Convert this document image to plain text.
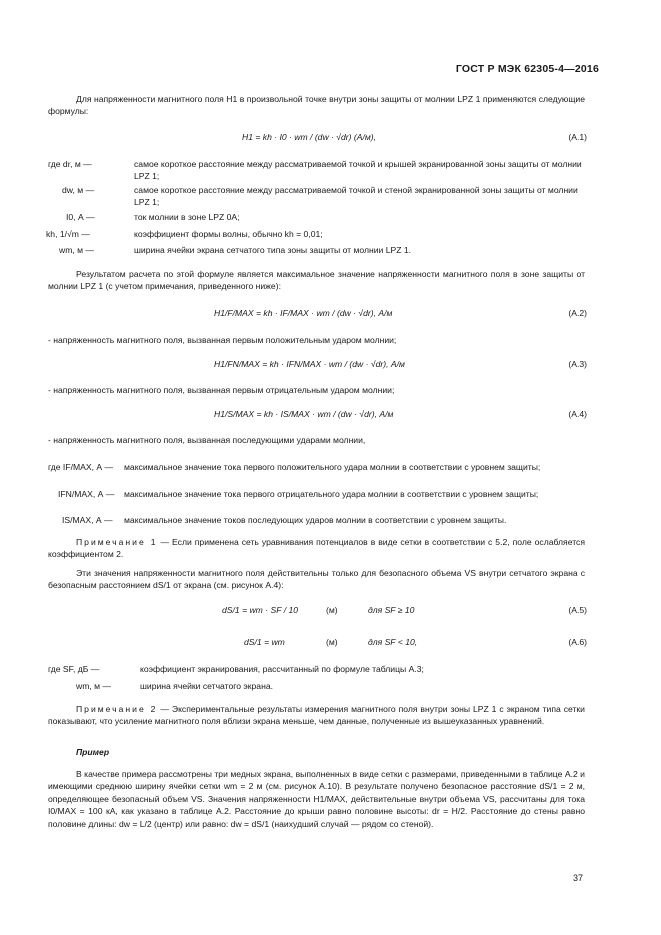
ГОСТ Р МЭК 62305-4—2016
Для напряженности магнитного поля H1 в произвольной точке внутри зоны защиты от молнии LPZ 1 применяются следующие формулы:
H1 = kh · I0 · wm / (dw · √dr) (А/м),	(А.1)
где dr, м —	самое короткое расстояние между рассматриваемой точкой и крышей экранированной зоны защиты от молнии LPZ 1;
dw, м —	самое короткое расстояние между рассматриваемой точкой и стеной экранированной зоны защиты от молнии LPZ 1;
I0, А —	ток молнии в зоне LPZ 0A;
kh, 1/√m —	коэффициент формы волны, обычно kh = 0,01;
wm, м —	ширина ячейки экрана сетчатого типа зоны защиты от молнии LPZ 1.
Результатом расчета по этой формуле является максимальное значение напряженности магнитного поля в зоне защиты от молнии LPZ 1 (с учетом примечания, приведенного ниже):
H1/F/MAX = kh · IF/MAX · wm / (dw · √dr), А/м	(А.2)
- напряженность магнитного поля, вызванная первым положительным ударом молнии;
H1/FN/MAX = kh · IFN/MAX · wm / (dw · √dr), А/м	(А.3)
- напряженность магнитного поля, вызванная первым отрицательным ударом молнии;
H1/S/MAX = kh · IS/MAX · wm / (dw · √dr), А/м	(А.4)
- напряженность магнитного поля, вызванная последующими ударами молнии,
где IF/MAX, А — максимальное значение тока первого положительного удара молнии в соответствии с уровнем защиты;
IFN/MAX, А — максимальное значение тока первого отрицательного удара молнии в соответствии с уровнем защиты;
IS/MAX, А — максимальное значение токов последующих ударов молнии в соответствии с уровнем защиты.
Примечание 1 — Если применена сеть уравнивания потенциалов в виде сетки в соответствии с 5.2, поле ослабляется коэффициентом 2.
Эти значения напряженности магнитного поля действительны только для безопасного объема VS внутри сетчатого экрана с безопасным расстоянием dS/1 от экрана (см. рисунок А.4):
dS/1 = wm · SF / 10	(м)	для SF ≥ 10	(А.5)
dS/1 = wm	(м)	для SF < 10,	(А.6)
где SF, дБ —	коэффициент экранирования, рассчитанный по формуле таблицы А.3;
wm, м —	ширина ячейки сетчатого экрана.
Примечание 2 — Экспериментальные результаты измерения магнитного поля внутри зоны LPZ 1 с экраном типа сетки показывают, что усиление магнитного поля вблизи экрана меньше, чем данные, полученные из вышеуказанных уравнений.
Пример
В качестве примера рассмотрены три медных экрана, выполненных в виде сетки с размерами, приведенными в таблице А.2 и имеющими среднюю ширину ячейки сетки wm = 2 м (см. рисунок А.10). В результате получено безопасное расстояние dS/1 = 2 м, определяющее безопасный объем VS. Значения напряженности H1/MAX, действительные внутри объема VS, рассчитаны для тока I0/MAX = 100 кА, как указано в таблице А.2. Расстояние до крыши равно половине высоты: dr = H/2. Расстояние до стены равно половине длины: dw = L/2 (центр) или равно: dw = dS/1 (наихудший случай — рядом со стеной).
37
